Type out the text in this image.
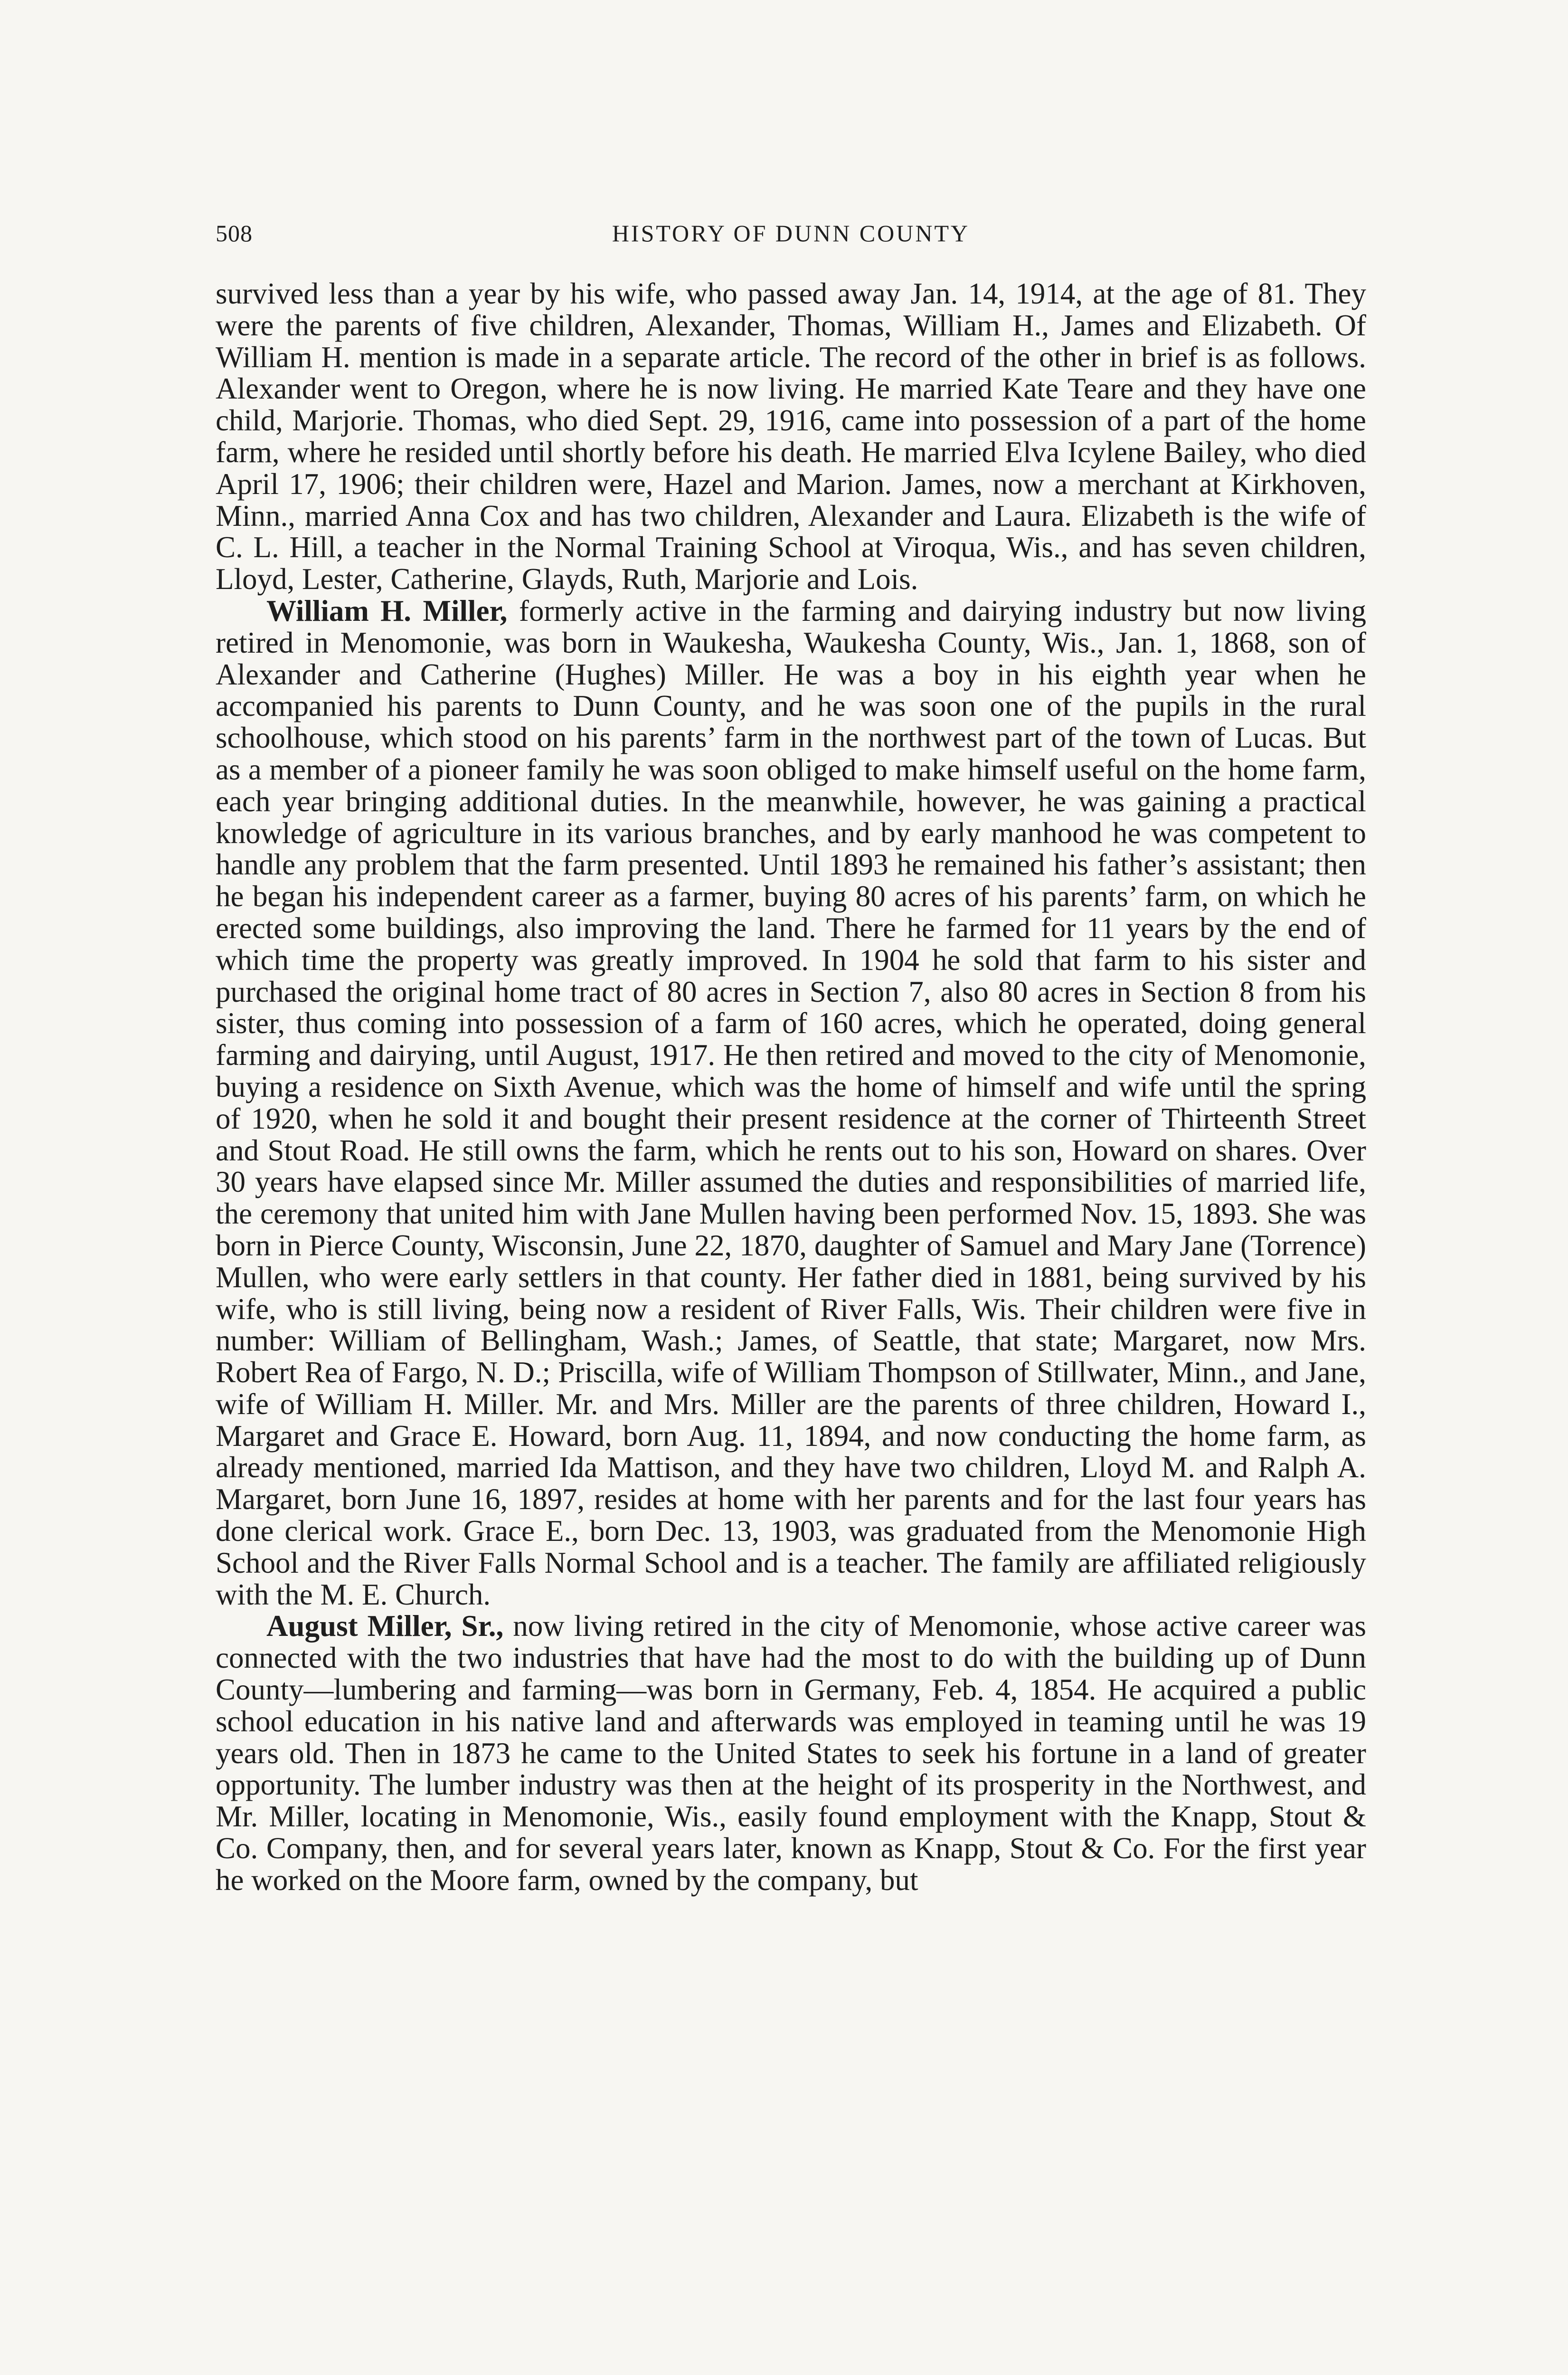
508	HISTORY OF DUNN COUNTY

survived less than a year by his wife, who passed away Jan. 14, 1914, at the age of 81. They were the parents of five children, Alexander, Thomas, William H., James and Elizabeth. Of William H. mention is made in a separate article. The record of the other in brief is as follows. Alexander went to Oregon, where he is now living. He married Kate Teare and they have one child, Marjorie. Thomas, who died Sept. 29, 1916, came into possession of a part of the home farm, where he resided until shortly before his death. He married Elva Icylene Bailey, who died April 17, 1906; their children were, Hazel and Marion. James, now a merchant at Kirkhoven, Minn., married Anna Cox and has two children, Alexander and Laura. Elizabeth is the wife of C. L. Hill, a teacher in the Normal Training School at Viroqua, Wis., and has seven children, Lloyd, Lester, Catherine, Glayds, Ruth, Marjorie and Lois.

William H. Miller, formerly active in the farming and dairying industry but now living retired in Menomonie, was born in Waukesha, Waukesha County, Wis., Jan. 1, 1868, son of Alexander and Catherine (Hughes) Miller. He was a boy in his eighth year when he accompanied his parents to Dunn County, and he was soon one of the pupils in the rural schoolhouse, which stood on his parents’ farm in the northwest part of the town of Lucas. But as a member of a pioneer family he was soon obliged to make himself useful on the home farm, each year bringing additional duties. In the meanwhile, however, he was gaining a practical knowledge of agriculture in its various branches, and by early manhood he was competent to handle any problem that the farm presented. Until 1893 he remained his father’s assistant; then he began his independent career as a farmer, buying 80 acres of his parents’ farm, on which he erected some buildings, also improving the land. There he farmed for 11 years by the end of which time the property was greatly improved. In 1904 he sold that farm to his sister and purchased the original home tract of 80 acres in Section 7, also 80 acres in Section 8 from his sister, thus coming into possession of a farm of 160 acres, which he operated, doing general farming and dairying, until August, 1917. He then retired and moved to the city of Menomonie, buying a residence on Sixth Avenue, which was the home of himself and wife until the spring of 1920, when he sold it and bought their present residence at the corner of Thirteenth Street and Stout Road. He still owns the farm, which he rents out to his son, Howard on shares. Over 30 years have elapsed since Mr. Miller assumed the duties and responsibilities of married life, the ceremony that united him with Jane Mullen having been performed Nov. 15, 1893. She was born in Pierce County, Wisconsin, June 22, 1870, daughter of Samuel and Mary Jane (Torrence) Mullen, who were early settlers in that county. Her father died in 1881, being survived by his wife, who is still living, being now a resident of River Falls, Wis. Their children were five in number: William of Bellingham, Wash.; James, of Seattle, that state; Margaret, now Mrs. Robert Rea of Fargo, N. D.; Priscilla, wife of William Thompson of Stillwater, Minn., and Jane, wife of William H. Miller. Mr. and Mrs. Miller are the parents of three children, Howard I., Margaret and Grace E. Howard, born Aug. 11, 1894, and now conducting the home farm, as already mentioned, married Ida Mattison, and they have two children, Lloyd M. and Ralph A. Margaret, born June 16, 1897, resides at home with her parents and for the last four years has done clerical work. Grace E., born Dec. 13, 1903, was graduated from the Menomonie High School and the River Falls Normal School and is a teacher. The family are affiliated religiously with the M. E. Church.

August Miller, Sr., now living retired in the city of Menomonie, whose active career was connected with the two industries that have had the most to do with the building up of Dunn County—lumbering and farming—was born in Germany, Feb. 4, 1854. He acquired a public school education in his native land and afterwards was employed in teaming until he was 19 years old. Then in 1873 he came to the United States to seek his fortune in a land of greater opportunity. The lumber industry was then at the height of its prosperity in the Northwest, and Mr. Miller, locating in Menomonie, Wis., easily found employment with the Knapp, Stout & Co. Company, then, and for several years later, known as Knapp, Stout & Co. For the first year he worked on the Moore farm, owned by the company, but
